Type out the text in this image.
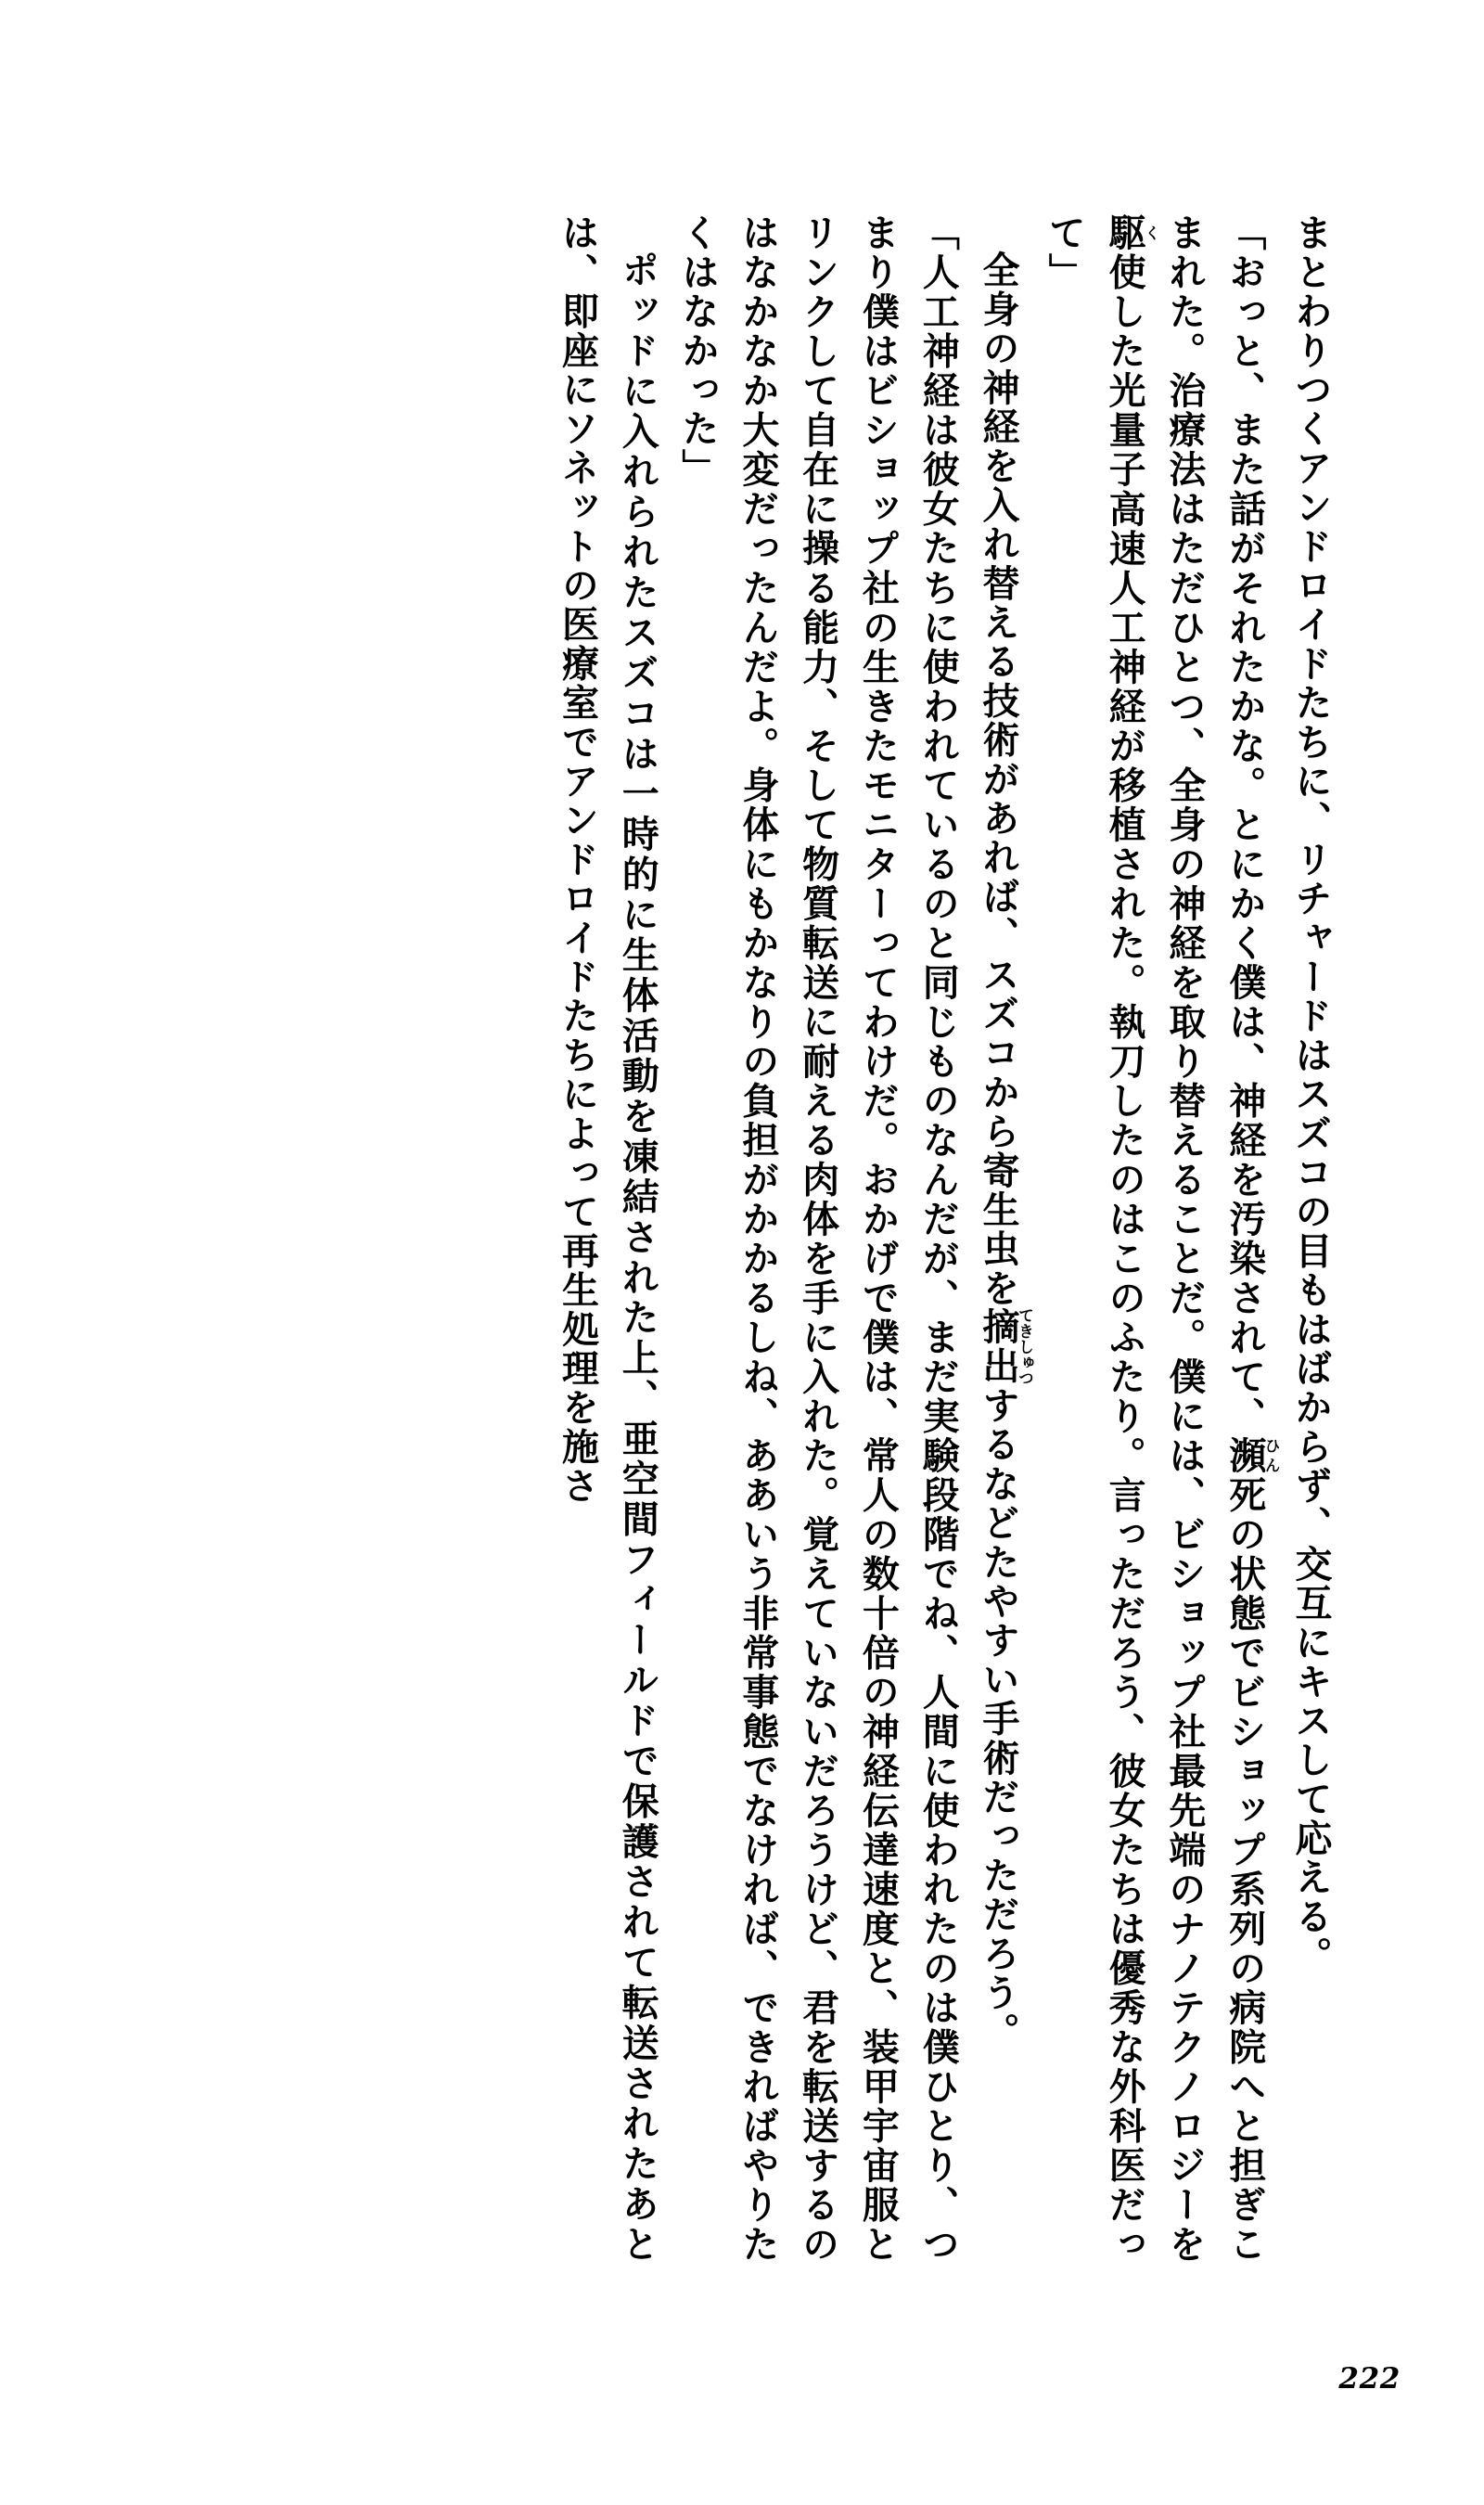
まとわりつくアンドロイドたちに、リチャードはスズコの目もはばからず、交互にキスして応える。

「おっと、また話がそれたかな。とにかく僕は、神経を汚染されて、瀕ひん死の状態でビショップ系列の病院へと担ぎこまれた。治療法はただひとつ、全身の神経を取り替えることだ。僕には、ビショップ社最先端のナノテクノロジーを駆く使した光量子高速人工神経が移植された。執刀したのはこのふたり。言っただろう、彼女たちは優秀な外科医だって」

全身の神経を入れ替える技術があれば、スズコから寄生虫を摘出てきしゅつするなどたやすい手術だっただろう。

「人工神経は彼女たちに使われているのと同じものなんだが、まだ実験段階でね、人間に使われたのは僕ひとり、つまり僕はビショップ社の生きたモニターってわけだ。おかげで僕は、常人の数十倍の神経伝達速度と、装甲宇宙服とリンクして自在に操る能力、そして物質転送に耐える肉体を手に入れた。覚えていないだろうけど、君を転送するのはなかなか大変だったんだよ。身体にもかなりの負担がかかるしね、ああいう非常事態でなければ、できればやりたくはなかった」

ポッドに入れられたスズコは一時的に生体活動を凍結された上、亜空間フィールドで保護されて転送されたあとは、即座にソネットの医療室でアンドロイドたちによって再生処理を施さ

222
